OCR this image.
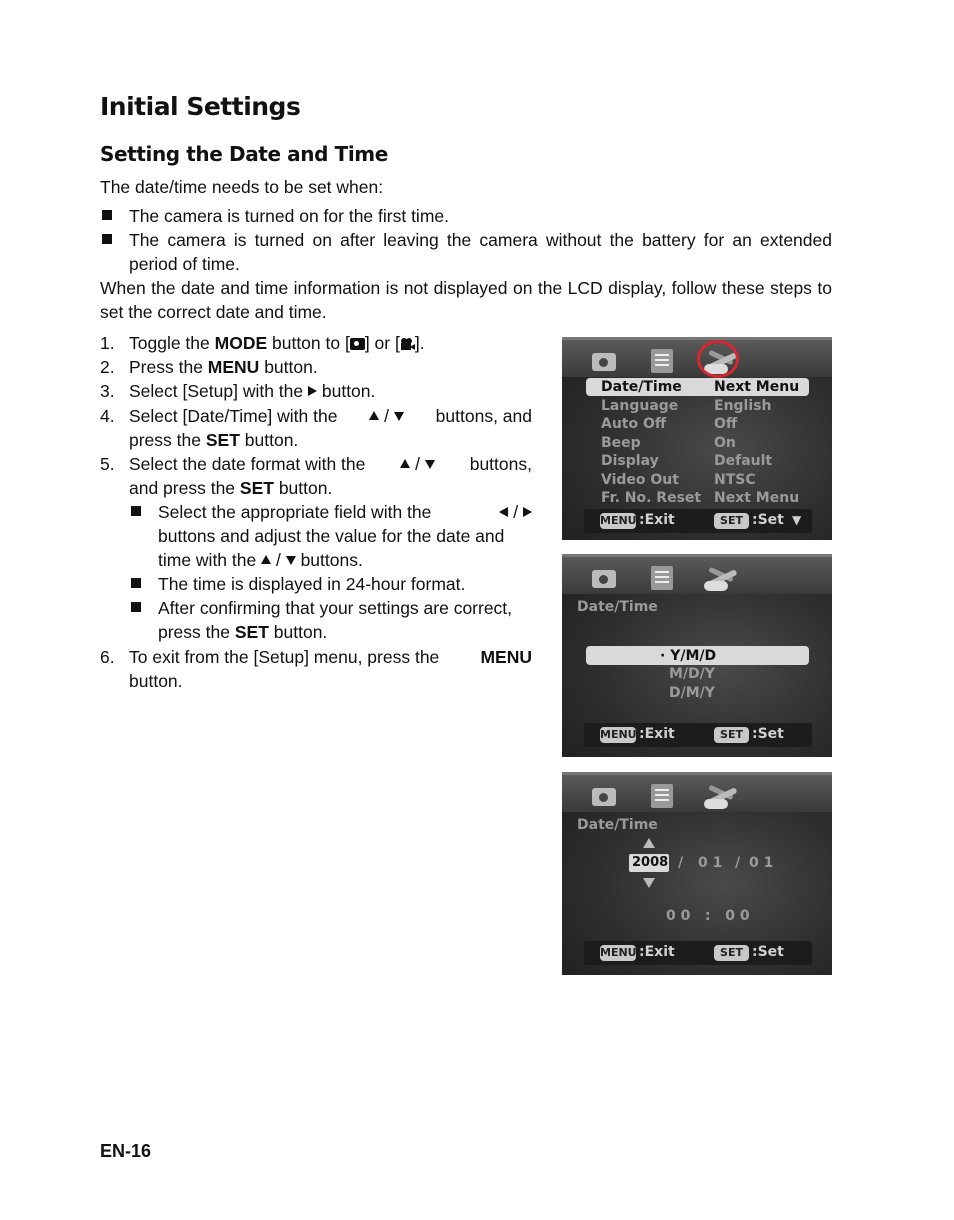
Initial Settings
Setting the Date and Time
The date/time needs to be set when:
The camera is turned on for the first time.
The camera is turned on after leaving the camera without the battery for an extended period of time.
When the date and time information is not displayed on the LCD display, follow these steps to set the correct date and time.
1. Toggle the MODE button to [ ] or [ ].
2. Press the MENU button.
3. Select [Setup] with the  button.
4. Select [Date/Time] with the	/	buttons, and
press the SET button.
5. Select the date format with the	/	buttons,
and press the SET button.
Select the appropriate field with the	/
buttons and adjust the value for the date and
time with the  /  buttons.
The time is displayed in 24-hour format.
After confirming that your settings are correct,
press the SET button.
6. To exit from the [Setup] menu, press the MENU
button.
Date/Time Next Menu
Language	English
Auto Off	Off
Beep	On
Display	Default
Video Out	NTSC
Fr. No. Reset Next Menu
MENU :Exit	SET :Set ▼
Date/Time
· Y/M/D
M/D/Y
D/M/Y
MENU :Exit	SET :Set
Date/Time
2008 / 0 1 / 0 1
0 0   :   0 0
MENU :Exit	SET :Set
EN-16
